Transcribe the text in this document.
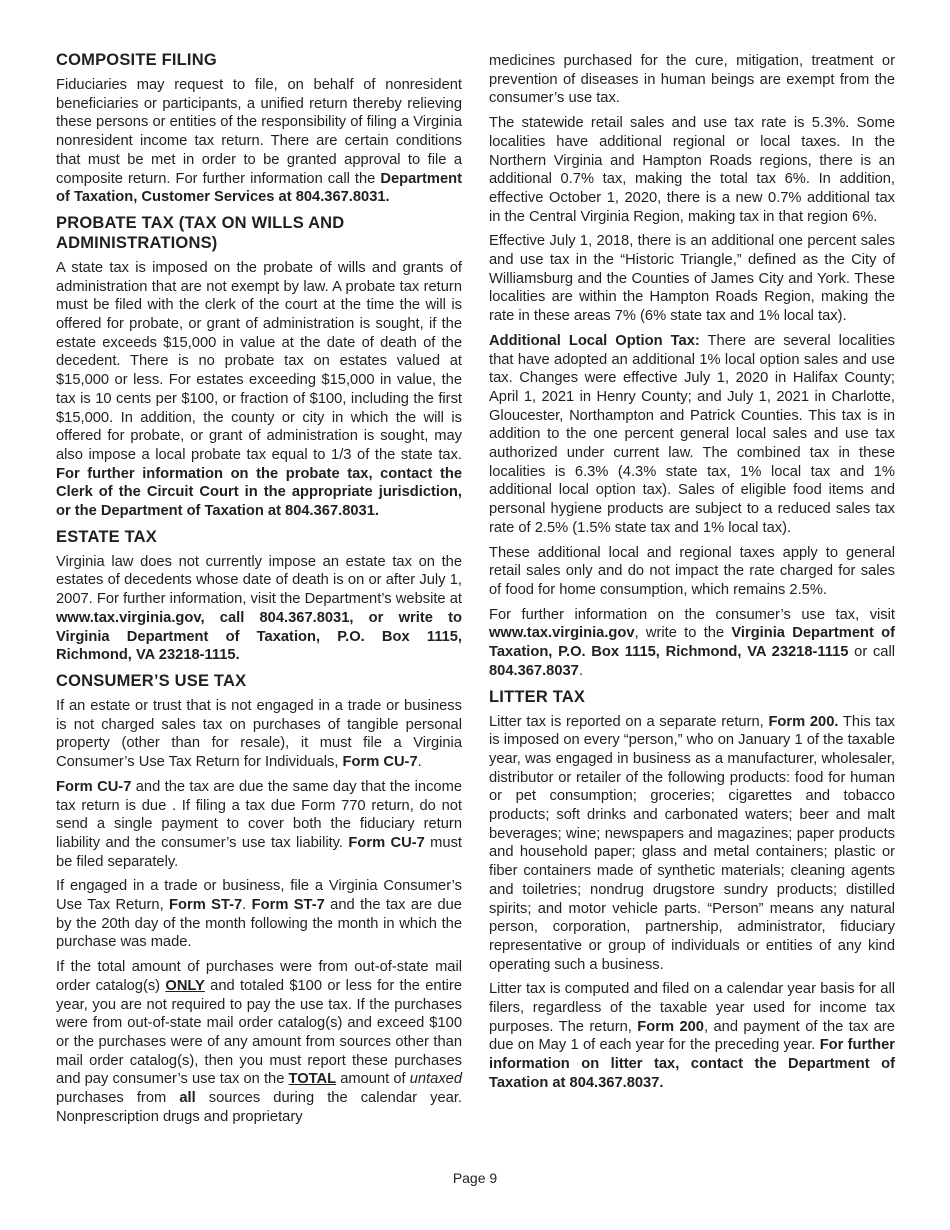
COMPOSITE FILING

Fiduciaries may request to file, on behalf of nonresident beneficiaries or participants, a unified return thereby relieving these persons or entities of the responsibility of filing a Virginia nonresident income tax return. There are certain conditions that must be met in order to be granted approval to file a composite return. For further information call the Department of Taxation, Customer Services at 804.367.8031.

PROBATE TAX (TAX ON WILLS AND ADMINISTRATIONS)

A state tax is imposed on the probate of wills and grants of administration that are not exempt by law. A probate tax return must be filed with the clerk of the court at the time the will is offered for probate, or grant of administration is sought, if the estate exceeds $15,000 in value at the date of death of the decedent. There is no probate tax on estates valued at $15,000 or less. For estates exceeding $15,000 in value, the tax is 10 cents per $100, or fraction of $100, including the first $15,000. In addition, the county or city in which the will is offered for probate, or grant of administration is sought, may also impose a local probate tax equal to 1/3 of the state tax. For further information on the probate tax, contact the Clerk of the Circuit Court in the appropriate jurisdiction, or the Department of Taxation at 804.367.8031.

ESTATE TAX

Virginia law does not currently impose an estate tax on the estates of decedents whose date of death is on or after July 1, 2007. For further information, visit the Department’s website at www.tax.virginia.gov, call 804.367.8031, or write to Virginia Department of Taxation, P.O. Box 1115, Richmond, VA 23218-1115.

CONSUMER’S USE TAX

If an estate or trust that is not engaged in a trade or business is not charged sales tax on purchases of tangible personal property (other than for resale), it must file a Virginia Consumer’s Use Tax Return for Individuals, Form CU-7.

Form CU-7 and the tax are due the same day that the income tax return is due . If filing a tax due Form 770 return, do not send a single payment to cover both the fiduciary return liability and the consumer’s use tax liability. Form CU-7 must be filed separately.

If engaged in a trade or business, file a Virginia Consumer’s Use Tax Return, Form ST-7. Form ST-7 and the tax are due by the 20th day of the month following the month in which the purchase was made.

If the total amount of purchases were from out-of-state mail order catalog(s) ONLY and totaled $100 or less for the entire year, you are not required to pay the use tax. If the purchases were from out-of-state mail order catalog(s) and exceed $100 or the purchases were of any amount from sources other than mail order catalog(s), then you must report these purchases and pay consumer’s use tax on the TOTAL amount of untaxed purchases from all sources during the calendar year. Nonprescription drugs and proprietary

medicines purchased for the cure, mitigation, treatment or prevention of diseases in human beings are exempt from the consumer’s use tax.

The statewide retail sales and use tax rate is 5.3%. Some localities have additional regional or local taxes. In the Northern Virginia and Hampton Roads regions, there is an additional 0.7% tax, making the total tax 6%. In addition, effective October 1, 2020, there is a new 0.7% additional tax in the Central Virginia Region, making tax in that region 6%.

Effective July 1, 2018, there is an additional one percent sales and use tax in the “Historic Triangle,” defined as the City of Williamsburg and the Counties of James City and York. These localities are within the Hampton Roads Region, making the rate in these areas 7% (6% state tax and 1% local tax).

Additional Local Option Tax: There are several localities that have adopted an additional 1% local option sales and use tax. Changes were effective July 1, 2020 in Halifax County; April 1, 2021 in Henry County; and July 1, 2021 in Charlotte, Gloucester, Northampton and Patrick Counties. This tax is in addition to the one percent general local sales and use tax authorized under current law. The combined tax in these localities is 6.3% (4.3% state tax, 1% local tax and 1% additional local option tax). Sales of eligible food items and personal hygiene products are subject to a reduced sales tax rate of 2.5% (1.5% state tax and 1% local tax).

These additional local and regional taxes apply to general retail sales only and do not impact the rate charged for sales of food for home consumption, which remains 2.5%.

For further information on the consumer’s use tax, visit www.tax.virginia.gov, write to the Virginia Department of Taxation, P.O. Box 1115, Richmond, VA 23218-1115 or call 804.367.8037.

LITTER TAX

Litter tax is reported on a separate return, Form 200. This tax is imposed on every “person,” who on January 1 of the taxable year, was engaged in business as a manufacturer, wholesaler, distributor or retailer of the following products: food for human or pet consumption; groceries; cigarettes and tobacco products; soft drinks and carbonated waters; beer and malt beverages; wine; newspapers and magazines; paper products and household paper; glass and metal containers; plastic or fiber containers made of synthetic materials; cleaning agents and toiletries; nondrug drugstore sundry products; distilled spirits; and motor vehicle parts. “Person” means any natural person, corporation, partnership, administrator, fiduciary representative or group of individuals or entities of any kind operating such a business.

Litter tax is computed and filed on a calendar year basis for all filers, regardless of the taxable year used for income tax purposes. The return, Form 200, and payment of the tax are due on May 1 of each year for the preceding year. For further information on litter tax, contact the Department of Taxation at 804.367.8037.

Page 9
